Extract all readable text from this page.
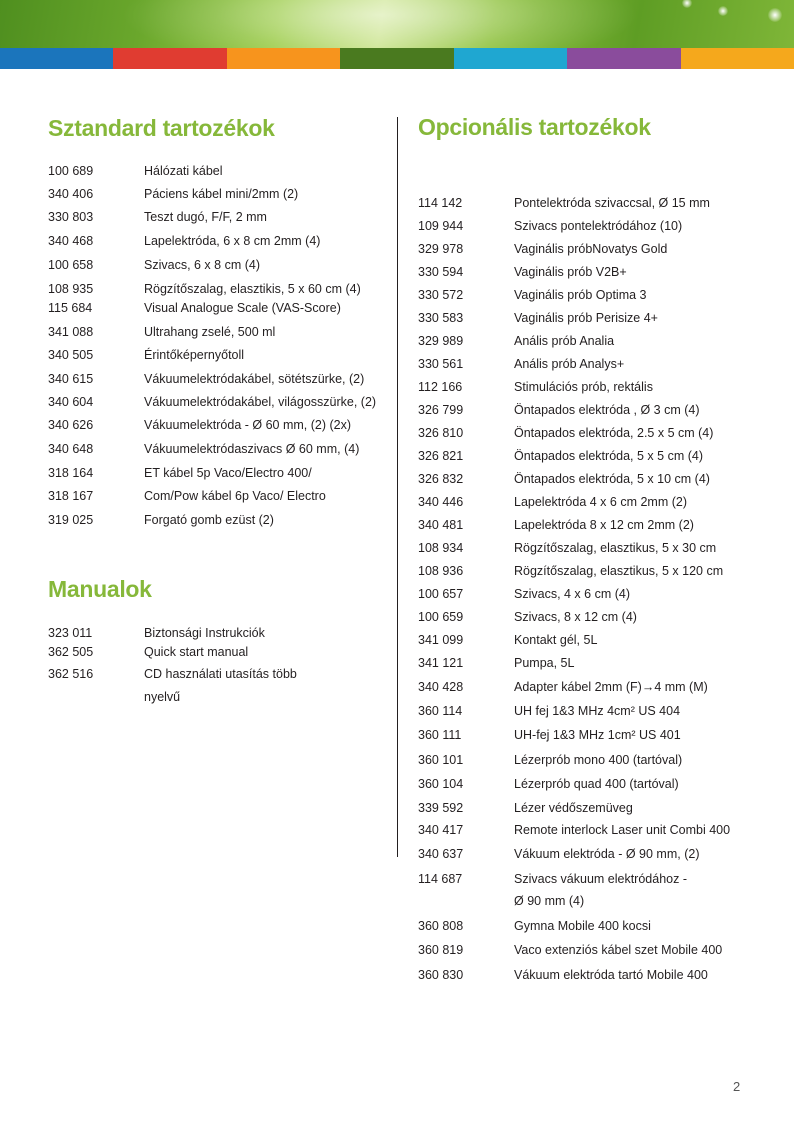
Sztandard tartozékok
100 689	Hálózati kábel
340 406	Páciens kábel mini/2mm (2)
330 803	Teszt dugó, F/F, 2 mm
340 468	Lapelektróda, 6 x 8 cm 2mm (4)
100 658	Szivacs, 6 x 8 cm (4)
108 935	Rögzítőszalag, elasztikis, 5 x 60 cm (4)
115 684	Visual Analogue Scale (VAS-Score)
341 088	Ultrahang zselé, 500 ml
340 505	Érintőképernyőtoll
340 615	Vákuumelektródakábel, sötétszürke, (2)
340 604	Vákuumelektródakábel, világosszürke, (2)
340 626	Vákuumelektróda - Ø 60 mm, (2) (2x)
340 648	Vákuumelektródaszivacs Ø 60 mm, (4)
318 164	ET kábel 5p Vaco/Electro 400/
318 167	Com/Pow kábel 6p Vaco/ Electro
319 025	Forgató gomb ezüst (2)
Manualok
323 011	Biztonsági Instrukciók
362 505	Quick start manual
362 516	CD használati utasítás több
nyelvű
Opcionális tartozékok
114 142	Pontelektróda szivaccsal, Ø 15 mm
109 944	Szivacs pontelektródához (10)
329 978	Vaginális próbNovatys Gold
330 594	Vaginális prób V2B+
330 572	Vaginális prób Optima 3
330 583	Vaginális prób Perisize 4+
329 989	Anális prób Analia
330 561	Anális prób Analys+
112 166	Stimulációs prób, rektális
326 799	Öntapados elektróda , Ø 3 cm (4)
326 810	Öntapados elektróda, 2.5 x 5 cm (4)
326 821	Öntapados elektróda, 5 x 5 cm (4)
326 832	Öntapados elektróda, 5 x 10 cm (4)
340 446	Lapelektróda 4 x 6 cm 2mm (2)
340 481	Lapelektróda 8 x 12 cm 2mm (2)
108 934	Rögzítőszalag, elasztikus, 5 x 30 cm
108 936	Rögzítőszalag, elasztikus, 5 x 120 cm
100 657	Szivacs, 4 x 6 cm (4)
100 659	Szivacs, 8 x 12 cm (4)
341 099	Kontakt gél, 5L
341 121	Pumpa, 5L
340 428	Adapter kábel 2mm (F)→4 mm (M)
360 114	UH fej 1&3 MHz 4cm² US 404
360 111	UH-fej 1&3 MHz 1cm² US 401
360 101	Lézerprób mono 400 (tartóval)
360 104	Lézerprób quad 400 (tartóval)
339 592	Lézer védőszemüveg
340 417	Remote interlock Laser unit Combi 400
340 637	Vákuum elektróda - Ø 90 mm, (2)
114 687	Szivacs vákuum elektródához -
Ø 90 mm (4)
360 808	Gymna Mobile 400 kocsi
360 819	Vaco extenziós kábel szet Mobile 400
360 830	Vákuum elektróda tartó Mobile 400
2
